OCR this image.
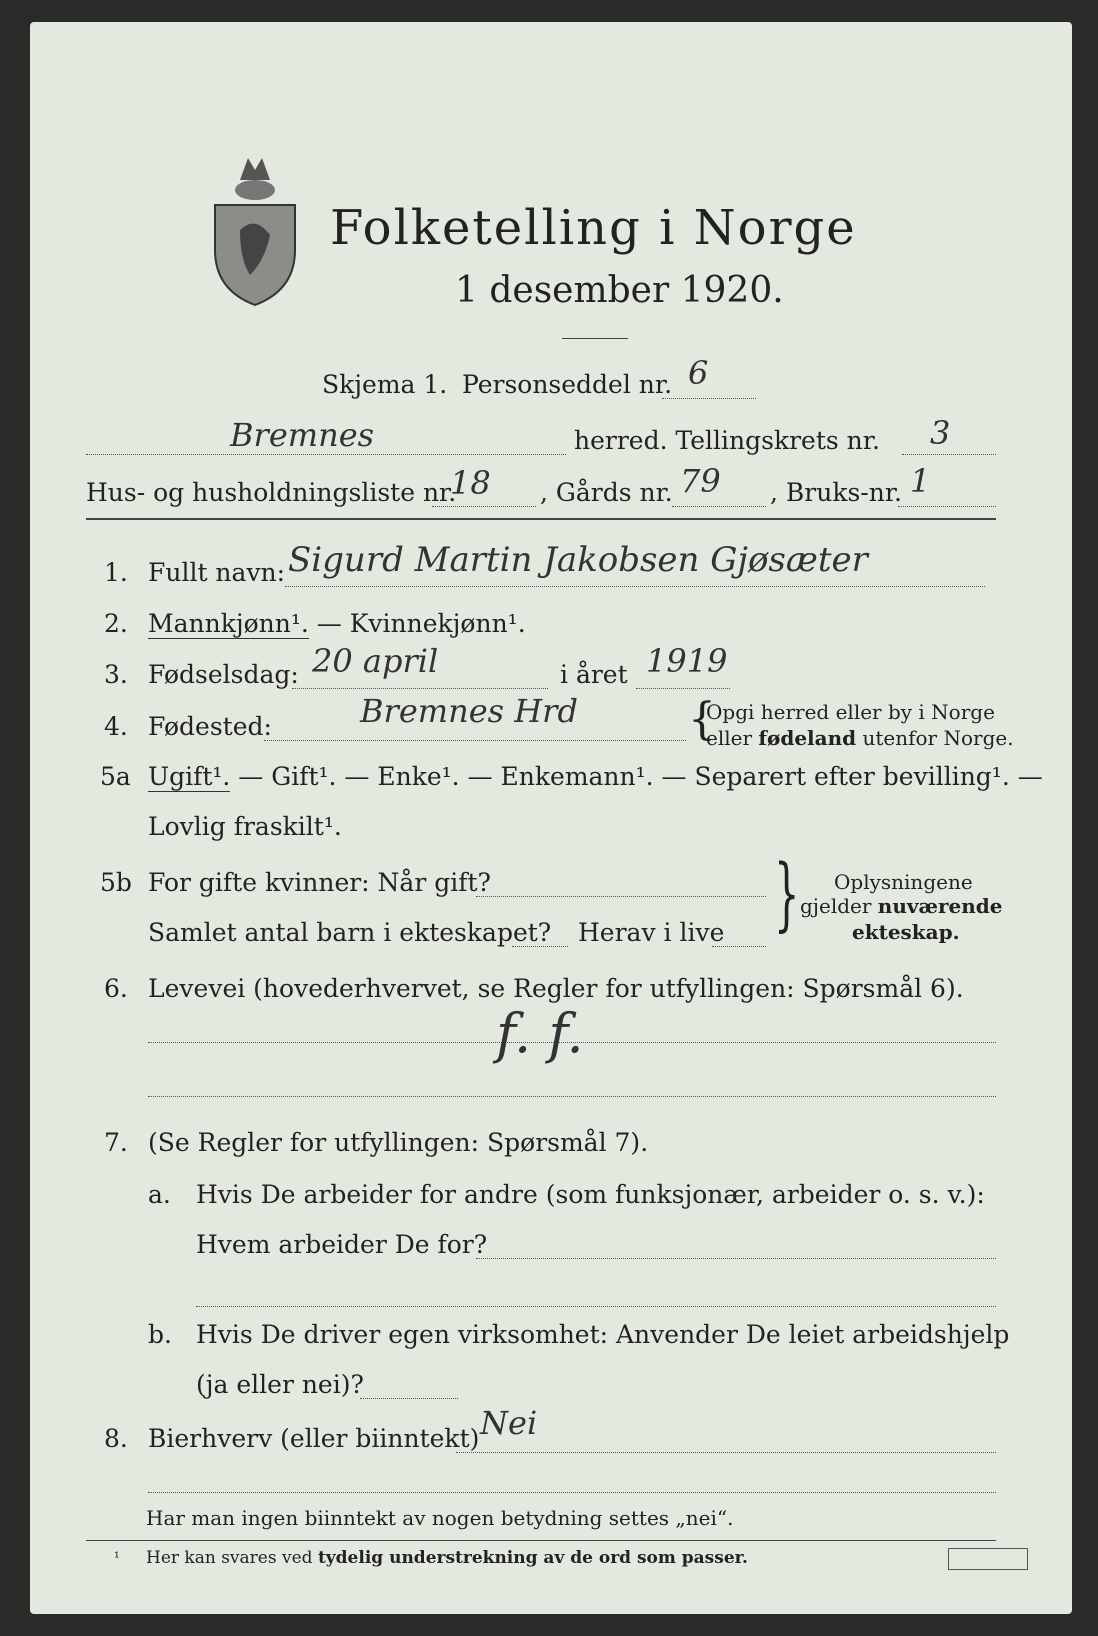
Folketelling i Norge
1 desember 1920.
Skjema 1. Personseddel nr. 6
Bremnes	herred. Tellingskrets nr. 3
Hus- og husholdningsliste nr.
18 , Gårds nr. 79 , Bruks-nr. 1
1. Fullt navn: Sigurd Martin Jakobsen Gjøsæter
2. Mannkjønn¹. — Kvinnekjønn¹.
3. Fødselsdag: 20 april	i året 1919
4. Fødested:	Bremnes Hrd	{
Opgi herred eller by i Norge
eller fødeland utenfor Norge.
5a Ugift¹. — Gift¹. — Enke¹. — Enkemann¹. — Separert efter bevilling¹. —
Lovlig fraskilt¹.
5b For gifte kvinner: Når gift?
Samlet antal barn i ekteskapet? Herav i live } Oplysningene
gjelder nuværende
ekteskap.
6. Levevei (hovederhvervet, se Regler for utfyllingen: Spørsmål 6).
f. f.
7. (Se Regler for utfyllingen: Spørsmål 7).
a. Hvis De arbeider for andre (som funksjonær, arbeider o. s. v.):
Hvem arbeider De for?
b. Hvis De driver egen virksomhet: Anvender De leiet arbeidshjelp
(ja eller nei)?
8. Bierhverv (eller biinntekt) Nei
Har man ingen biinntekt av nogen betydning settes „nei“.
¹ Her kan svares ved tydelig understrekning av de ord som passer.
